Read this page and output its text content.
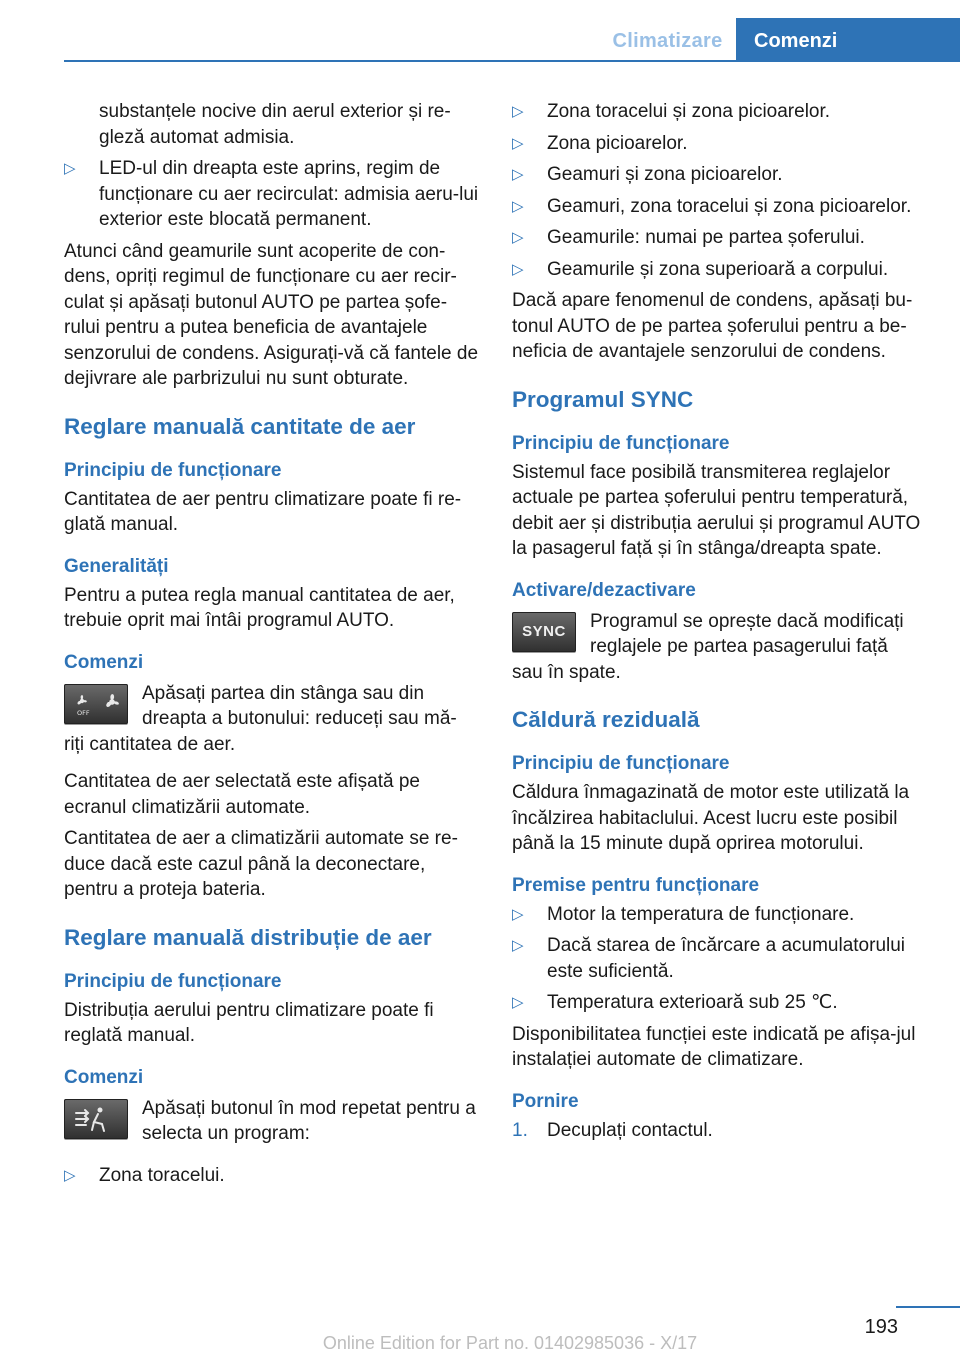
Climatizare	Comenzi

substanțele nocive din aerul exterior și re- gleză automat admisia.

▷ LED-ul din dreapta este aprins, regim de funcționare cu aer recirculat: admisia aeru-lui exterior este blocată permanent.

Atunci când geamurile sunt acoperite de con-dens, opriți regimul de funcționare cu aer recir-culat și apăsați butonul AUTO pe partea șofe-rului pentru a putea beneficia de avantajele senzorului de condens. Asigurați-vă că fantele de dejivrare ale parbrizului nu sunt obturate.

Reglare manuală cantitate de aer
Principiu de funcționare

Cantitatea de aer pentru climatizare poate fi re-glată manual.

Generalități

Pentru a putea regla manual cantitatea de aer, trebuie oprit mai întâi programul AUTO.

Comenzi
OFF
Apăsați partea din stânga sau din dreapta a butonului: reduceți sau mă-

riți cantitatea de aer.

Cantitatea de aer selectată este afișată pe ecranul climatizării automate.

Cantitatea de aer a climatizării automate se re-duce dacă este cazul până la deconectare, pentru a proteja bateria.

Reglare manuală distribuție de aer
Principiu de funcționare

Distribuția aerului pentru climatizare poate fi reglată manual.

Comenzi
Apăsați butonul în mod repetat pentru a selecta un program:

▷ Zona toracelui.

▷ Zona toracelui și zona picioarelor.

▷ Zona picioarelor.

▷ Geamuri și zona picioarelor.

▷ Geamuri, zona toracelui și zona picioarelor.

▷ Geamurile: numai pe partea șoferului.

▷ Geamurile și zona superioară a corpului.

Dacă apare fenomenul de condens, apăsați bu-tonul AUTO de pe partea șoferului pentru a be-neficia de avantajele senzorului de condens.

Programul SYNC
Principiu de funcționare

Sistemul face posibilă transmiterea reglajelor actuale pe partea șoferului pentru temperatură, debit aer și distribuția aerului și programul AUTO la pasagerul față și în stânga/dreapta spate.

Activare/dezactivare
SYNC Programul se oprește dacă modificați reglajele pe partea pasagerului față

sau în spate.

Căldură reziduală
Principiu de funcționare

Căldura înmagazinată de motor este utilizată la încălzirea habitaclului. Acest lucru este posibil până la 15 minute după oprirea motorului.

Premise pentru funcționare

▷ Motor la temperatura de funcționare.

▷ Dacă starea de încărcare a acumulatorului este suficientă.

▷ Temperatura exterioară sub 25 ℃.

Disponibilitatea funcției este indicată pe afișa-jul instalației automate de climatizare.

Pornire

1. Decuplați contactul.

193
Online Edition for Part no. 01402985036 - X/17
